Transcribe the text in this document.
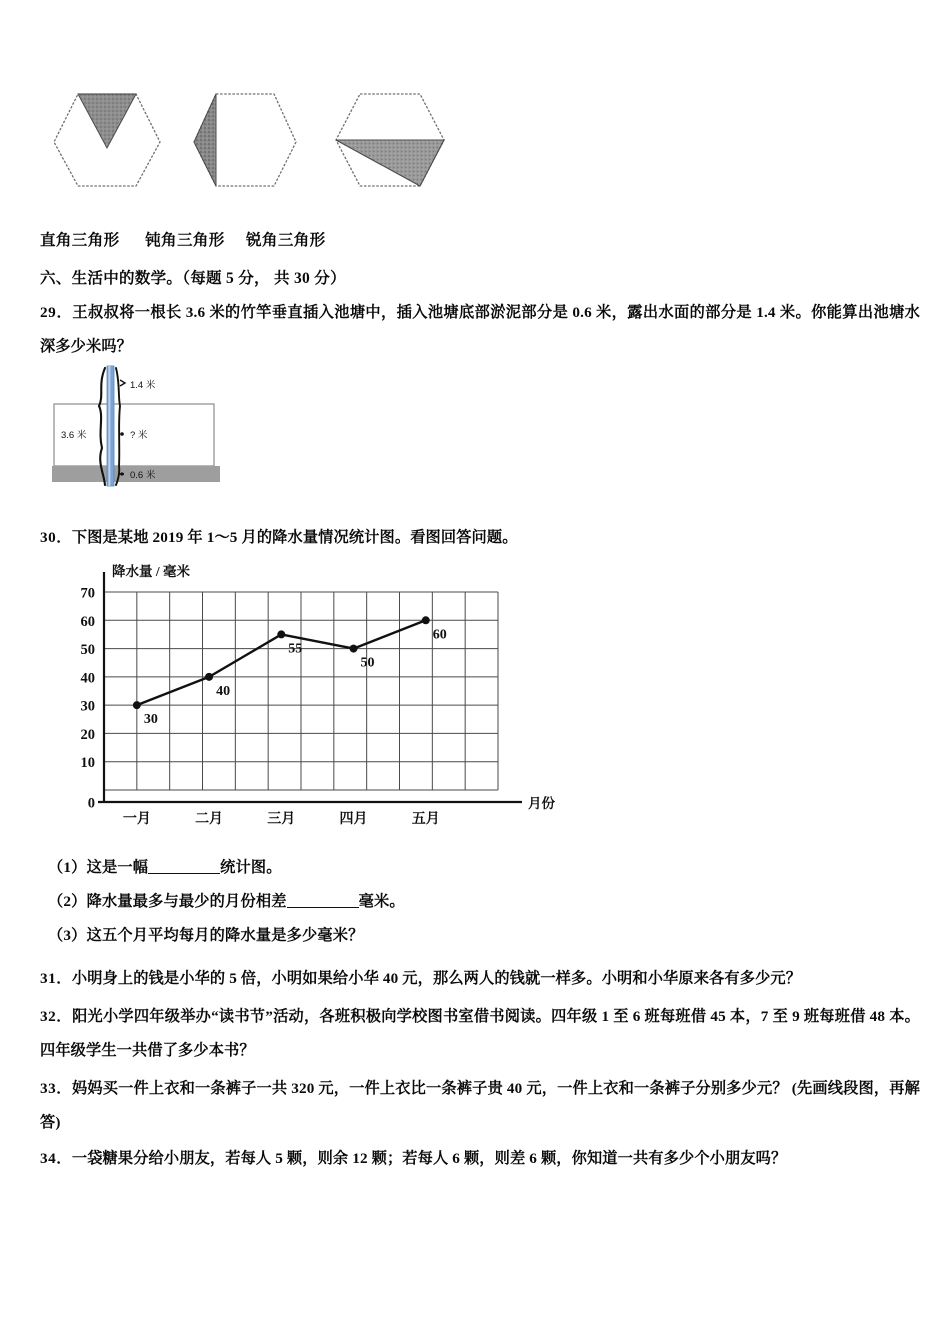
直角三角形      钝角三角形     锐角三角形
六、生活中的数学。（每题 5 分， 共 30 分）
29．王叔叔将一根长 3.6 米的竹竿垂直插入池塘中，插入池塘底部淤泥部分是 0.6 米，露出水面的部分是 1.4 米。你能算出池塘水深多少米吗？
1.4 米
3.6 米	? 米
0.6 米
30．下图是某地 2019 年 1～5 月的降水量情况统计图。看图回答问题。
0
10
20
30
40
50
60
70
降水量 / 毫米
月份
一月	二月	三月	四月	五月
30
40
55
50
60
（1）这是一幅	统计图。
（2）降水量最多与最少的月份相差	毫米。
（3）这五个月平均每月的降水量是多少毫米？
31．小明身上的钱是小华的 5 倍，小明如果给小华 40 元，那么两人的钱就一样多。小明和小华原来各有多少元？
32．阳光小学四年级举办“读书节”活动，各班积极向学校图书室借书阅读。四年级 1 至 6 班每班借 45 本，7 至 9 班每班借 48 本。四年级学生一共借了多少本书？
33．妈妈买一件上衣和一条裤子一共 320 元，一件上衣比一条裤子贵 40 元，一件上衣和一条裤子分别多少元？ (先画线段图，再解答)
34．一袋糖果分给小朋友，若每人 5 颗，则余 12 颗；若每人 6 颗，则差 6 颗，你知道一共有多少个小朋友吗？
